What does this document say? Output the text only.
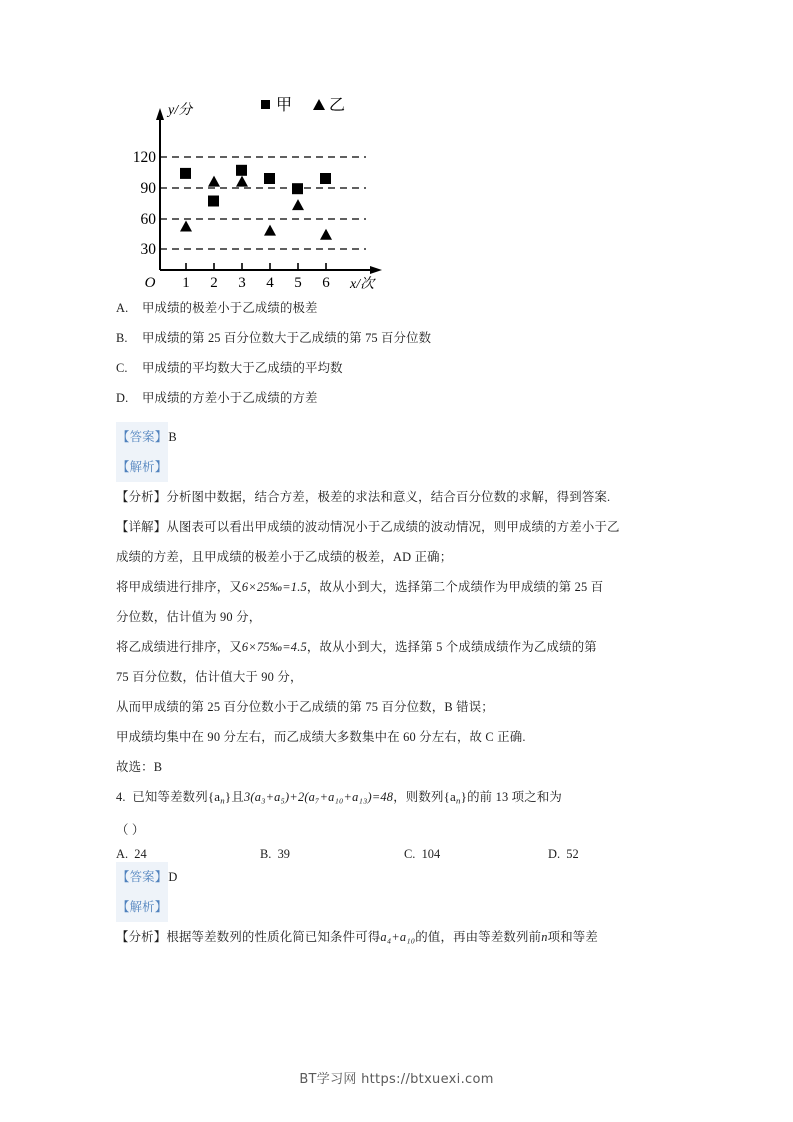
120
90
60
30
1 2 3 4 5 6
O
y/分
x/次
甲 乙
A.	甲成绩的极差小于乙成绩的极差
B.	甲成绩的第 25 百分位数大于乙成绩的第 75 百分位数
C.	甲成绩的平均数大于乙成绩的平均数
D.	甲成绩的方差小于乙成绩的方差
【答案】B
【解析】
【分析】分析图中数据，结合方差，极差的求法和意义，结合百分位数的求解，得到答案.
【详解】从图表可以看出甲成绩的波动情况小于乙成绩的波动情况，则甲成绩的方差小于乙
成绩的方差，且甲成绩的极差小于乙成绩的极差，AD 正确；
将甲成绩进行排序，又6×25‰=1.5，故从小到大，选择第二个成绩作为甲成绩的第 25 百
分位数，估计值为 90 分，
将乙成绩进行排序，又6×75‰=4.5，故从小到大，选择第 5 个成绩成绩作为乙成绩的第
75 百分位数，估计值大于 90 分，
从而甲成绩的第 25 百分位数小于乙成绩的第 75 百分位数，B 错误；
甲成绩均集中在 90 分左右，而乙成绩大多数集中在 60 分左右，故 C 正确.
故选：B
4. 已知等差数列$\{a_n\}$且3(a₃+a₅)+2(a₇+a₁₀+a₁₃)=48，则数列$\{a_n\}$的前 13 项之和为
（ ）
A. 24	B. 39	C. 104	D. 52
【答案】D
【解析】
【分析】根据等差数列的性质化简已知条件可得a₄+a₁₀的值，再由等差数列前n项和等差
BT学习网 https://btxuexi.com
